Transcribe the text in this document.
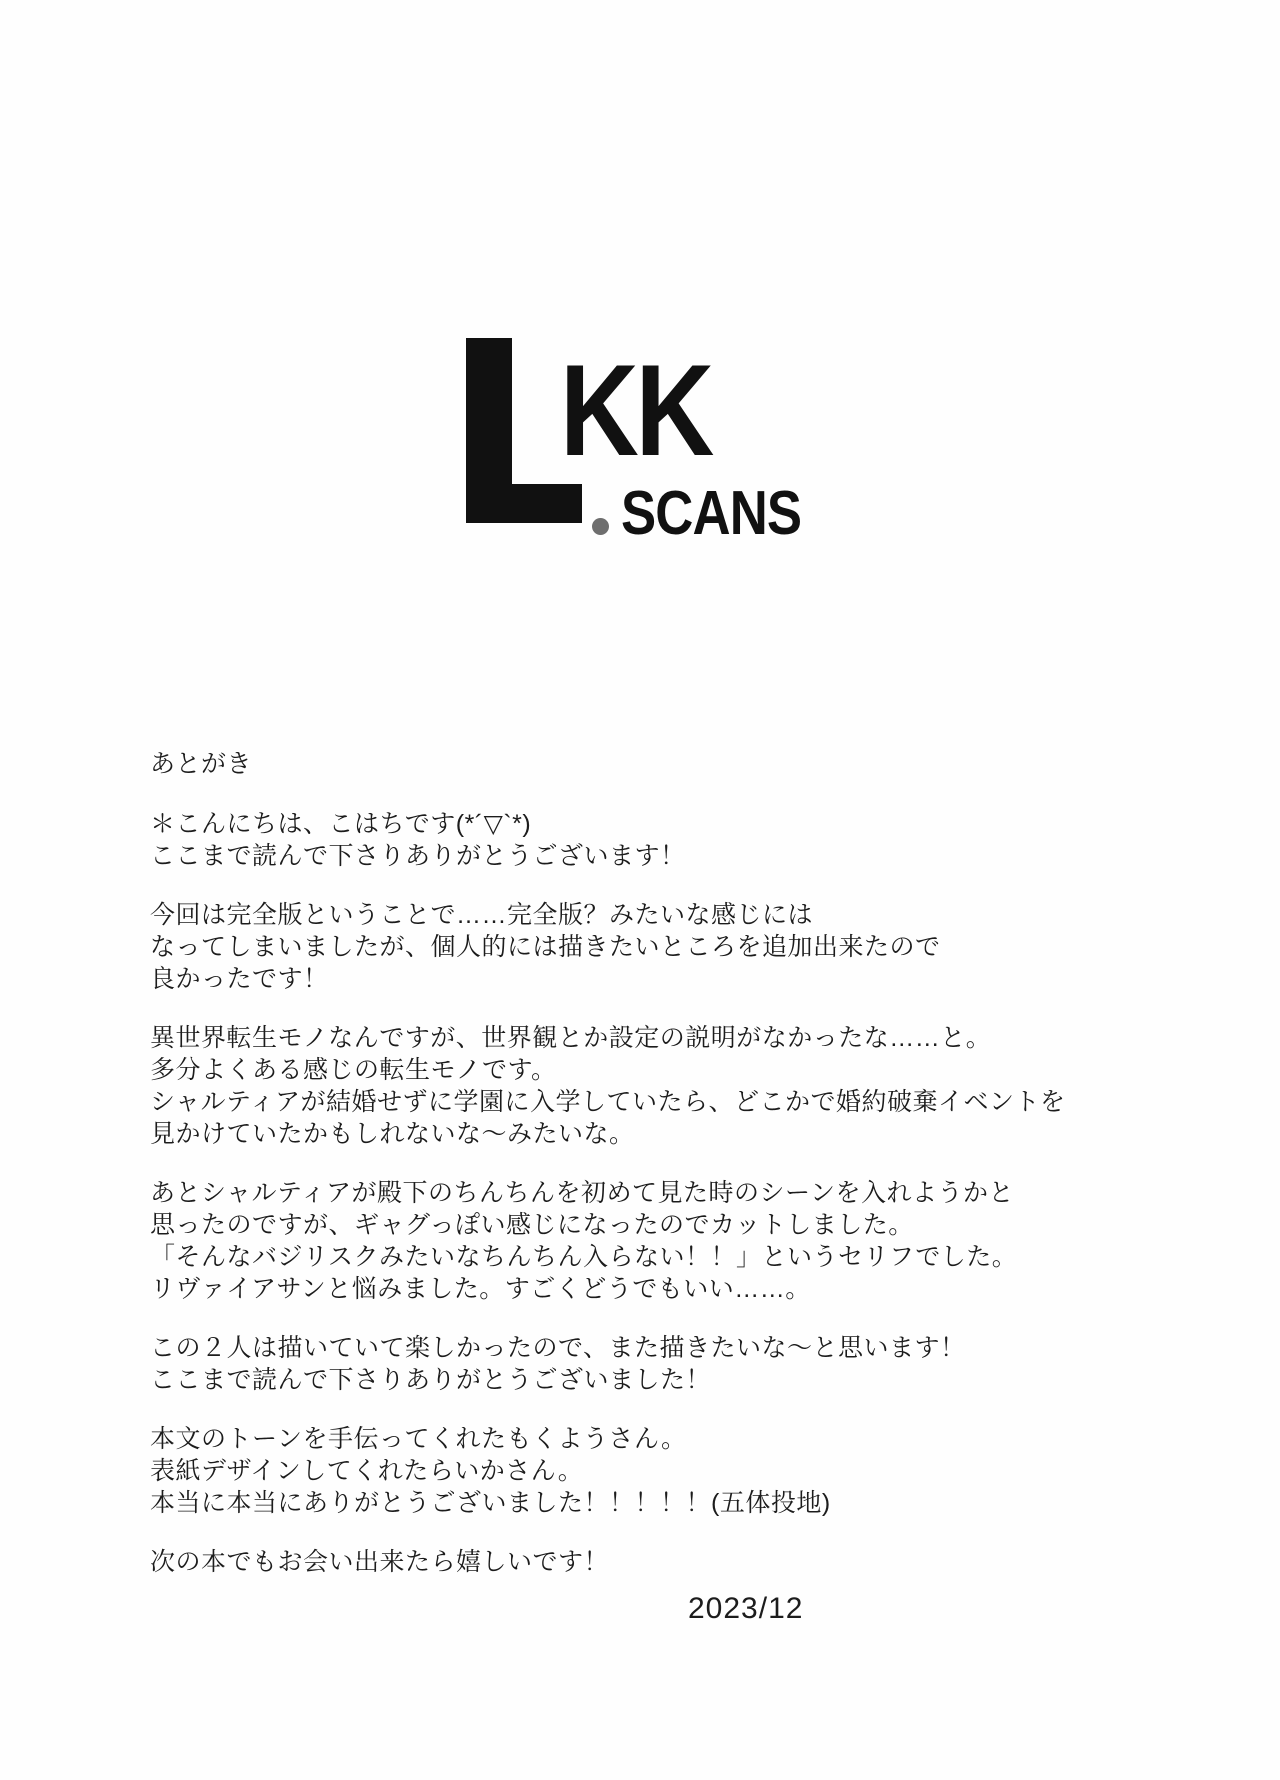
KK
SCANS
あとがき
＊こんにちは、こはちです(*´▽`*)
ここまで読んで下さりありがとうございます！
今回は完全版ということで……完全版？みたいな感じには
なってしまいましたが、個人的には描きたいところを追加出来たので
良かったです！
異世界転生モノなんですが、世界観とか設定の説明がなかったな……と。
多分よくある感じの転生モノです。
シャルティアが結婚せずに学園に入学していたら、どこかで婚約破棄イベントを
見かけていたかもしれないな〜みたいな。
あとシャルティアが殿下のちんちんを初めて見た時のシーンを入れようかと
思ったのですが、ギャグっぽい感じになったのでカットしました。
「そんなバジリスクみたいなちんちん入らない！！」というセリフでした。
リヴァイアサンと悩みました。すごくどうでもいい……。
この２人は描いていて楽しかったので、また描きたいな〜と思います！
ここまで読んで下さりありがとうございました！
本文のトーンを手伝ってくれたもくようさん。
表紙デザインしてくれたらいかさん。
本当に本当にありがとうございました！！！！！(五体投地)
次の本でもお会い出来たら嬉しいです！
2023/12
